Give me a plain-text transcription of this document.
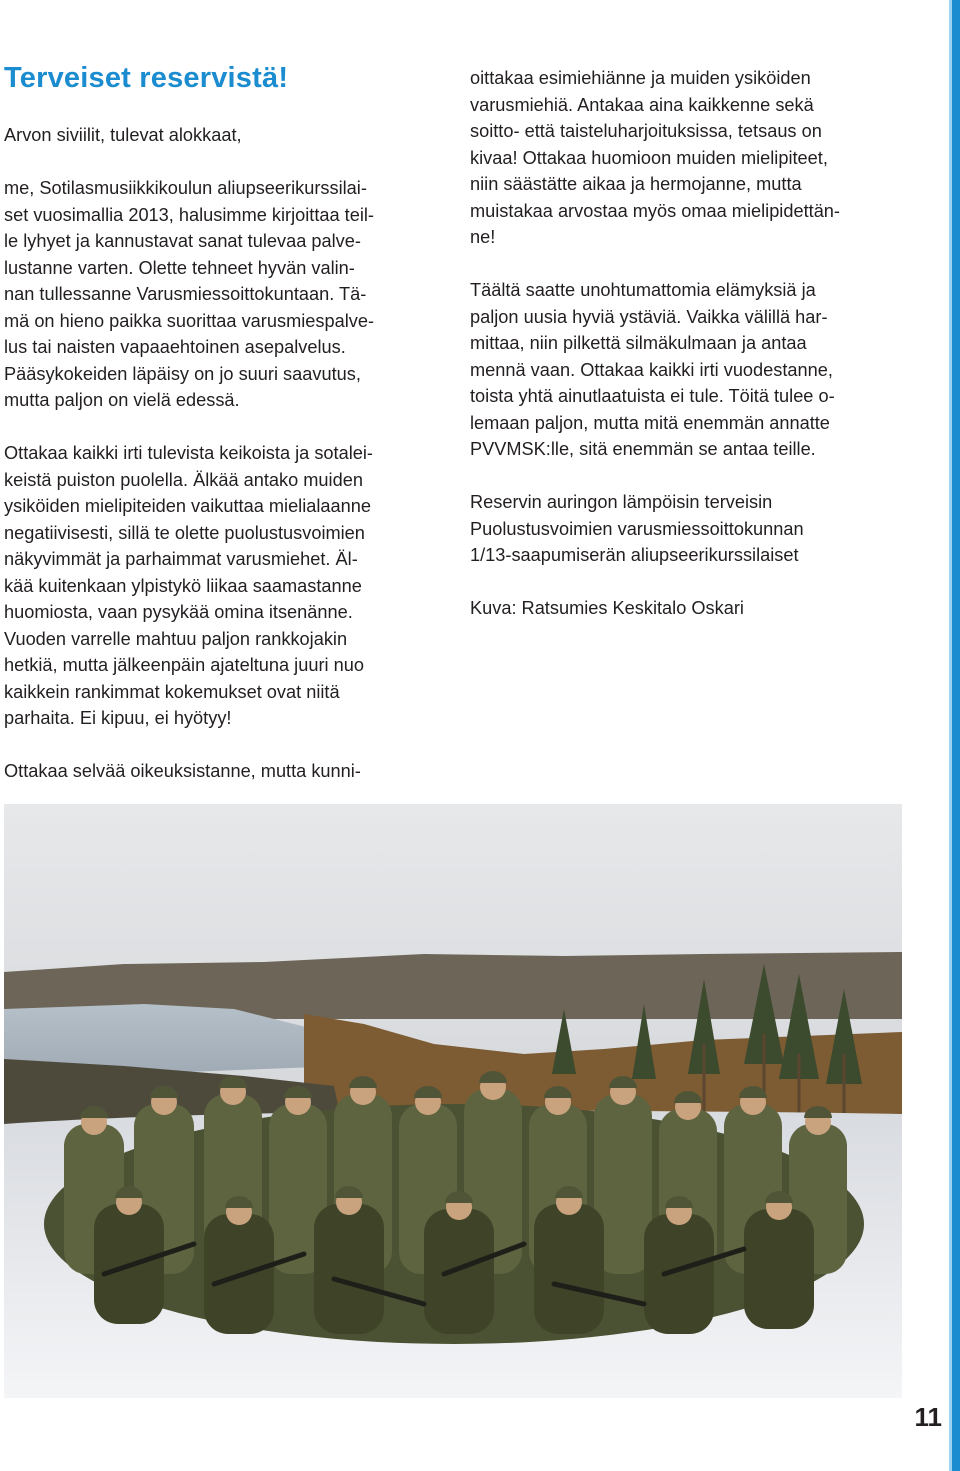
Terveiset reservistä!

Arvon siviilit, tulevat alokkaat,

me, Sotilasmusiikkikoulun aliupseerikurssilai-
set vuosimallia 2013, halusimme kirjoittaa teil-
le lyhyet ja kannustavat sanat tulevaa palve-
lustanne varten. Olette tehneet hyvän valin-
nan tullessanne Varusmiessoittokuntaan. Tä-
mä on hieno paikka suorittaa varusmiespalve-
lus tai naisten vapaaehtoinen asepalvelus.
Pääsykokeiden läpäisy on jo suuri saavutus,
mutta paljon on vielä edessä.

Ottakaa kaikki irti tulevista keikoista ja sotalei-
keistä puiston puolella. Älkää antako muiden
ysiköiden mielipiteiden vaikuttaa mielialaanne
negatiivisesti, sillä te olette puolustusvoimien
näkyvimmät ja parhaimmat varusmiehet. Äl-
kää kuitenkaan ylpistykö liikaa saamastanne
huomiosta, vaan pysykää omina itsenänne.
Vuoden varrelle mahtuu paljon rankkojakin
hetkiä, mutta jälkeenpäin ajateltuna juuri nuo
kaikkein rankimmat kokemukset ovat niitä
parhaita. Ei kipuu, ei hyötyy!

Ottakaa selvää oikeuksistanne, mutta kunni-

oittakaa esimiehiänne ja muiden ysiköiden
varusmiehiä. Antakaa aina kaikkenne sekä
soitto- että taisteluharjoituksissa, tetsaus on
kivaa! Ottakaa huomioon muiden mielipiteet,
niin säästätte aikaa ja hermojanne, mutta
muistakaa arvostaa myös omaa mielipidettän-
ne!

Täältä saatte unohtumattomia elämyksiä ja
paljon uusia hyviä ystäviä. Vaikka välillä har-
mittaa, niin pilkettä silmäkulmaan ja antaa
mennä vaan. Ottakaa kaikki irti vuodestanne,
toista yhtä ainutlaatuista ei tule. Töitä tulee o-
lemaan paljon, mutta mitä enemmän annatte
PVVMSK:lle, sitä enemmän se antaa teille.

Reservin auringon lämpöisin terveisin
Puolustusvoimien varusmiessoittokunnan
1/13-saapumiserän aliupseerikurssilaiset

Kuva: Ratsumies Keskitalo Oskari

11
